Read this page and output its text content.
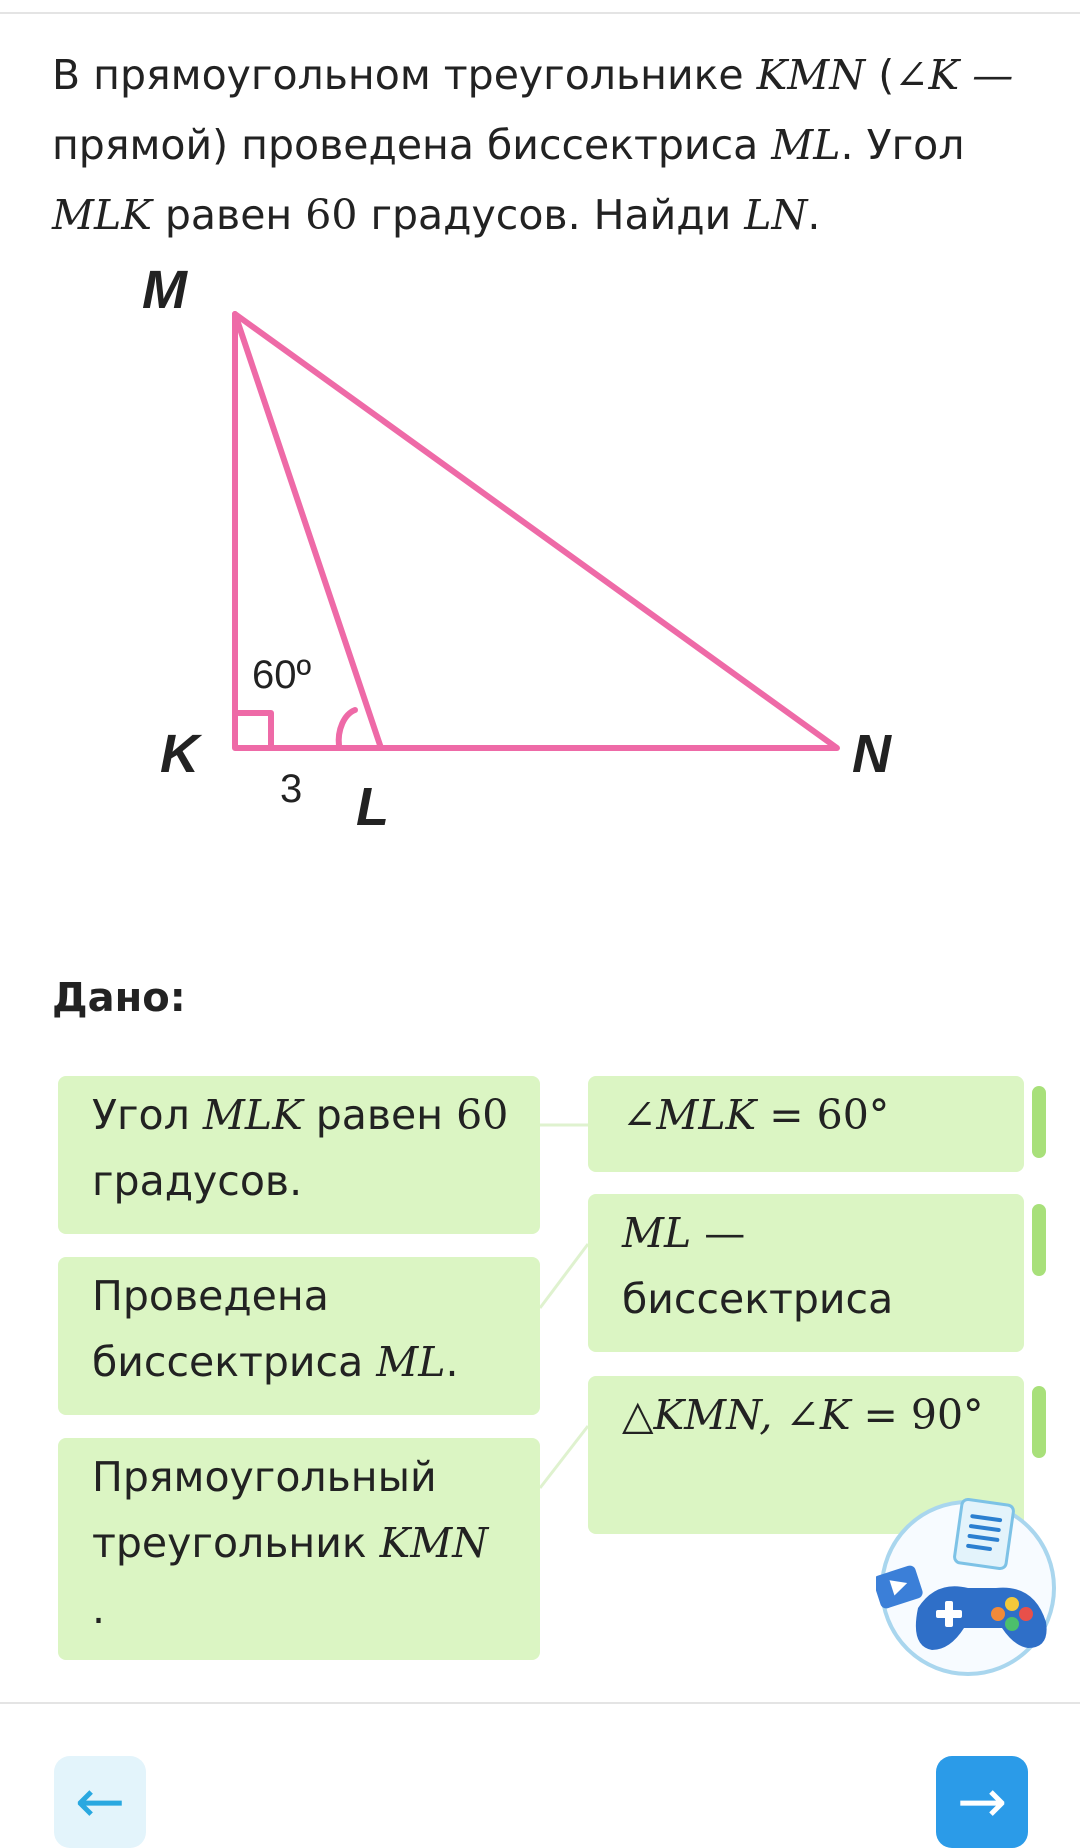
В прямоугольном треугольнике KMN (∠K — прямой) проведена биссектриса ML. Угол MLK равен 60 градусов. Найди LN.
M
K
L
N
60º
3
Дано:
Угол MLK равен 60 градусов.
Проведена биссектриса ML.
Прямоугольный треугольник KMN .
∠MLK = 60°
ML —
биссектриса
△KMN, ∠K = 90°
←	→
